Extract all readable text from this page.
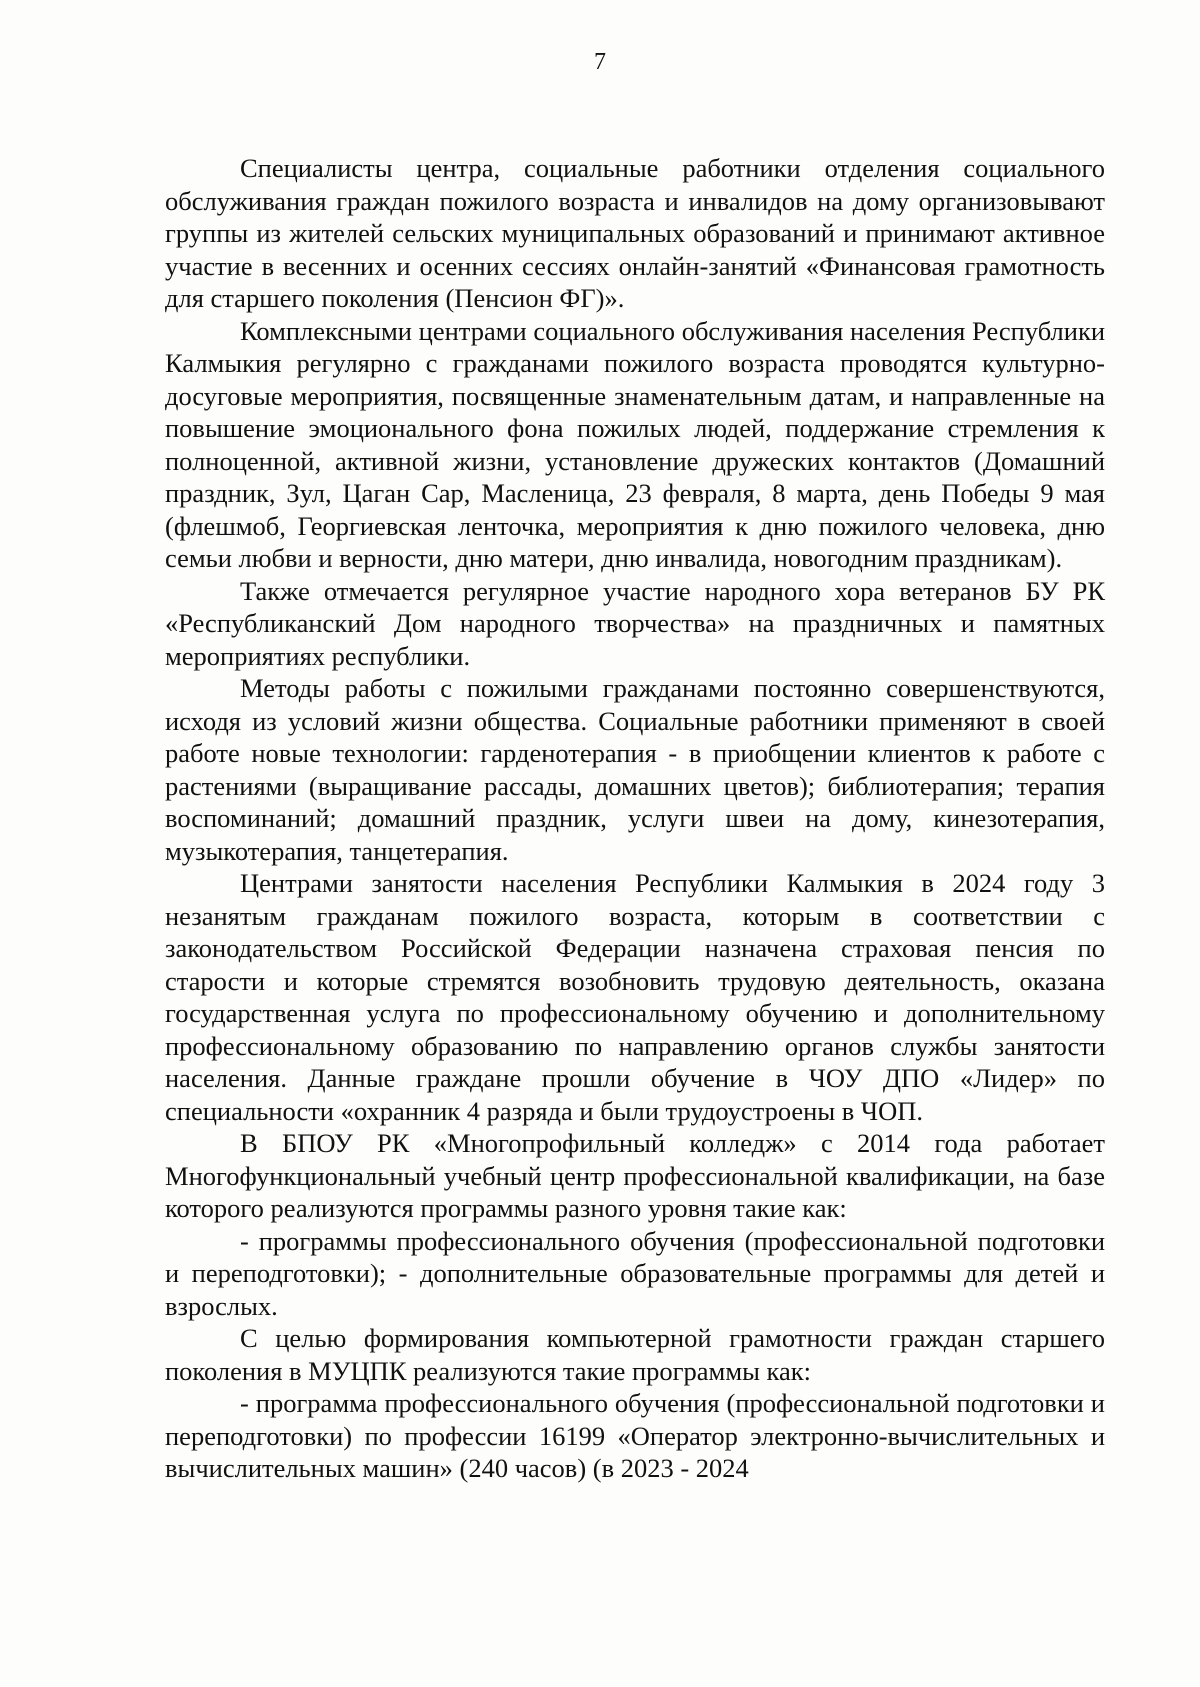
7

Специалисты центра, социальные работники отделения социального обслуживания граждан пожилого возраста и инвалидов на дому организовывают группы из жителей сельских муниципальных образований и принимают активное участие в весенних и осенних сессиях онлайн-занятий «Финансовая грамотность для старшего поколения (Пенсион ФГ)».

Комплексными центрами социального обслуживания населения Республики Калмыкия регулярно с гражданами пожилого возраста проводятся культурно-досуговые мероприятия, посвященные знаменательным датам, и направленные на повышение эмоционального фона пожилых людей, поддержание стремления к полноценной, активной жизни, установление дружеских контактов (Домашний праздник, Зул, Цаган Сар, Масленица, 23 февраля, 8 марта, день Победы 9 мая (флешмоб, Георгиевская ленточка, мероприятия к дню пожилого человека, дню семьи любви и верности, дню матери, дню инвалида, новогодним праздникам).

Также отмечается регулярное участие народного хора ветеранов БУ РК «Республиканский Дом народного творчества» на праздничных и памятных мероприятиях республики.

Методы работы с пожилыми гражданами постоянно совершенствуются, исходя из условий жизни общества. Социальные работники применяют в своей работе новые технологии: гарденотерапия - в приобщении клиентов к работе с растениями (выращивание рассады, домашних цветов); библиотерапия; терапия воспоминаний; домашний праздник, услуги швеи на дому, кинезотерапия, музыкотерапия, танцетерапия.

Центрами занятости населения Республики Калмыкия в 2024 году 3 незанятым гражданам пожилого возраста, которым в соответствии с законодательством Российской Федерации назначена страховая пенсия по старости и которые стремятся возобновить трудовую деятельность, оказана государственная услуга по профессиональному обучению и дополнительному профессиональному образованию по направлению органов службы занятости населения. Данные граждане прошли обучение в ЧОУ ДПО «Лидер» по специальности «охранник 4 разряда и были трудоустроены в ЧОП.

В БПОУ РК «Многопрофильный колледж» с 2014 года работает Многофункциональный учебный центр профессиональной квалификации, на базе которого реализуются программы разного уровня такие как:

- программы профессионального обучения (профессиональной подготовки и переподготовки); - дополнительные образовательные программы для детей и взрослых.

С целью формирования компьютерной грамотности граждан старшего поколения в МУЦПК реализуются такие программы как:

- программа профессионального обучения (профессиональной подготовки и переподготовки) по профессии 16199 «Оператор электронно-вычислительных и вычислительных машин» (240 часов) (в 2023 - 2024
